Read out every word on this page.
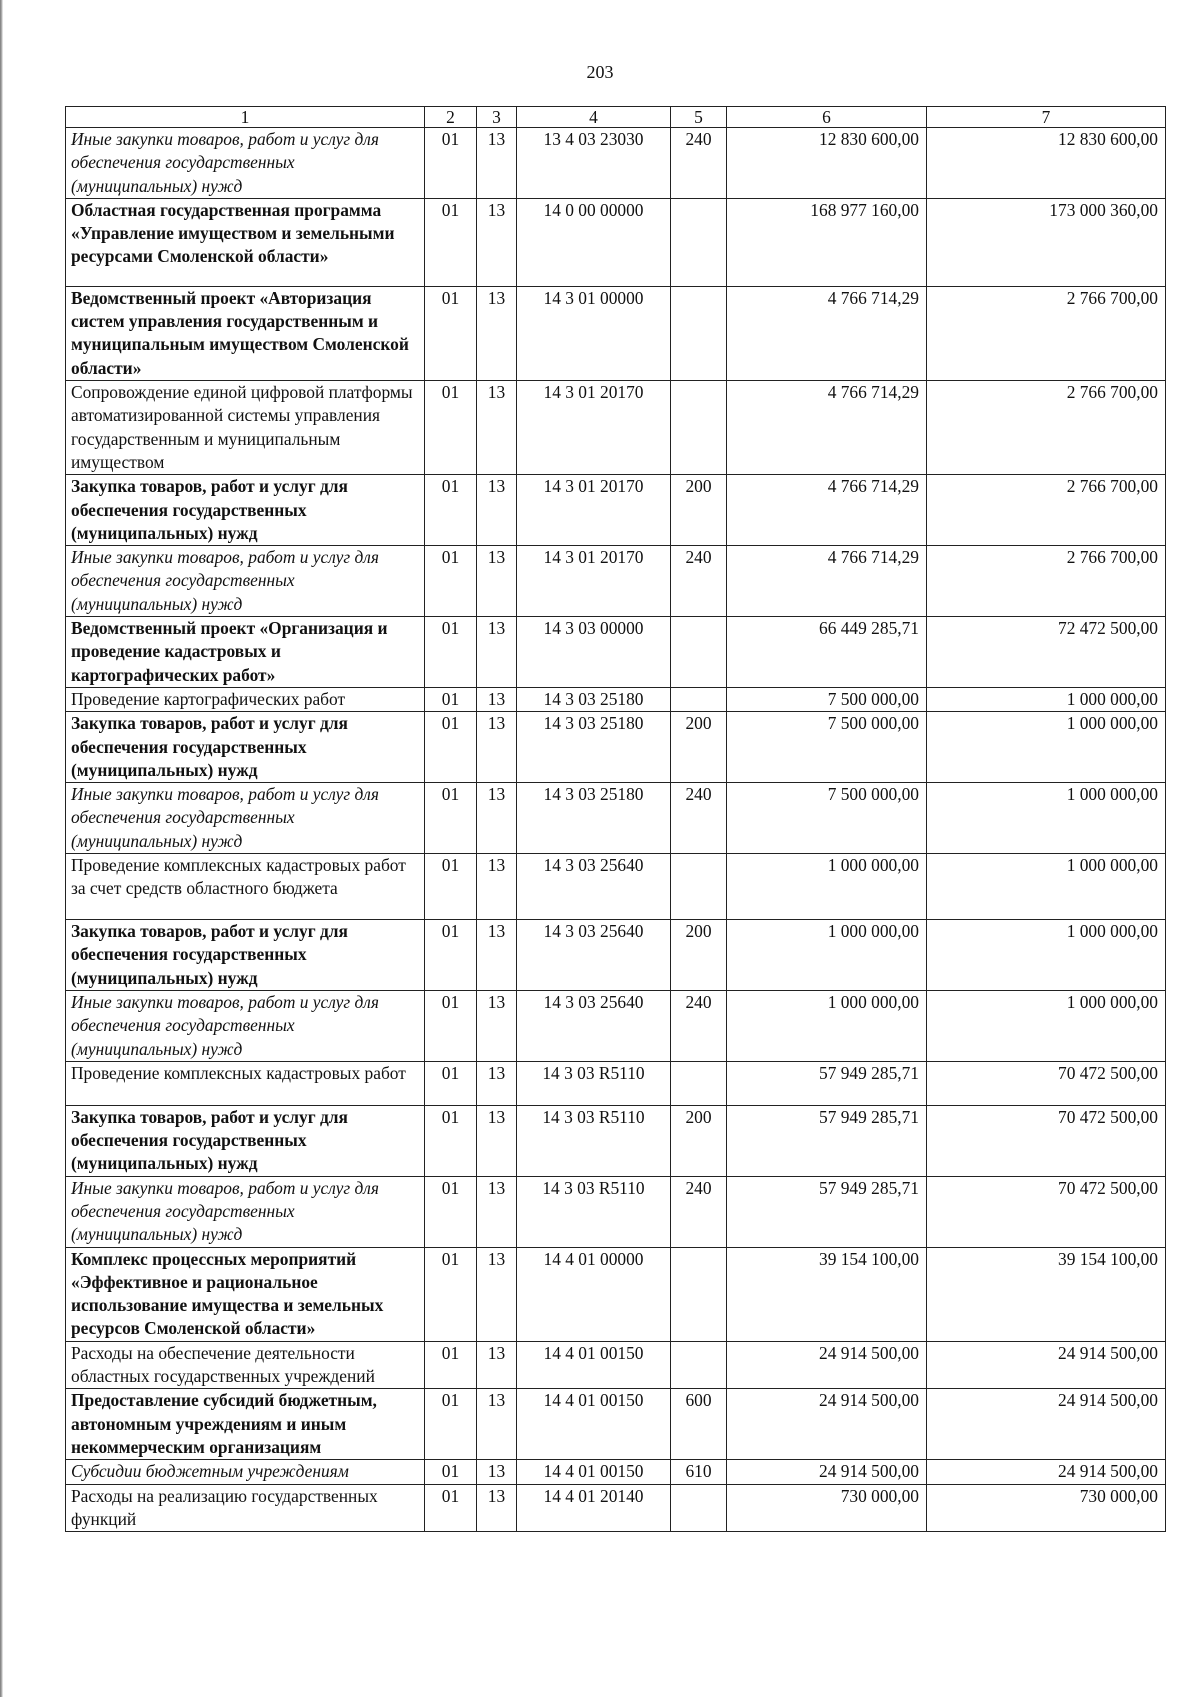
203
1	2	3	4	5	6	7
Иные закупки товаров, работ и услуг для обеспечения государственных (муниципальных) нужд	01	13	13 4 03 23030	240	12 830 600,00	12 830 600,00
Областная государственная программа «Управление имуществом и земельными ресурсами Смоленской области»	01	13	14 0 00 00000		168 977 160,00	173 000 360,00
Ведомственный проект «Авторизация систем управления государственным и муниципальным имуществом Смоленской области»	01	13	14 3 01 00000		4 766 714,29	2 766 700,00
Сопровождение единой цифровой платформы автоматизированной системы управления государственным и муниципальным имуществом	01	13	14 3 01 20170		4 766 714,29	2 766 700,00
Закупка товаров, работ и услуг для обеспечения государственных (муниципальных) нужд	01	13	14 3 01 20170	200	4 766 714,29	2 766 700,00
Иные закупки товаров, работ и услуг для обеспечения государственных (муниципальных) нужд	01	13	14 3 01 20170	240	4 766 714,29	2 766 700,00
Ведомственный проект «Организация и проведение кадастровых и картографических работ»	01	13	14 3 03 00000		66 449 285,71	72 472 500,00
Проведение картографических работ	01	13	14 3 03 25180		7 500 000,00	1 000 000,00
Закупка товаров, работ и услуг для обеспечения государственных (муниципальных) нужд	01	13	14 3 03 25180	200	7 500 000,00	1 000 000,00
Иные закупки товаров, работ и услуг для обеспечения государственных (муниципальных) нужд	01	13	14 3 03 25180	240	7 500 000,00	1 000 000,00
Проведение комплексных кадастровых работ за счет средств областного бюджета	01	13	14 3 03 25640		1 000 000,00	1 000 000,00
Закупка товаров, работ и услуг для обеспечения государственных (муниципальных) нужд	01	13	14 3 03 25640	200	1 000 000,00	1 000 000,00
Иные закупки товаров, работ и услуг для обеспечения государственных (муниципальных) нужд	01	13	14 3 03 25640	240	1 000 000,00	1 000 000,00
Проведение комплексных кадастровых работ	01	13	14 3 03 R5110		57 949 285,71	70 472 500,00
Закупка товаров, работ и услуг для обеспечения государственных (муниципальных) нужд	01	13	14 3 03 R5110	200	57 949 285,71	70 472 500,00
Иные закупки товаров, работ и услуг для обеспечения государственных (муниципальных) нужд	01	13	14 3 03 R5110	240	57 949 285,71	70 472 500,00
Комплекс процессных мероприятий «Эффективное и рациональное использование имущества и земельных ресурсов Смоленской области»	01	13	14 4 01 00000		39 154 100,00	39 154 100,00
Расходы на обеспечение деятельности областных государственных учреждений	01	13	14 4 01 00150		24 914 500,00	24 914 500,00
Предоставление субсидий бюджетным, автономным учреждениям и иным некоммерческим организациям	01	13	14 4 01 00150	600	24 914 500,00	24 914 500,00
Субсидии бюджетным учреждениям	01	13	14 4 01 00150	610	24 914 500,00	24 914 500,00
Расходы на реализацию государственных функций	01	13	14 4 01 20140		730 000,00	730 000,00
